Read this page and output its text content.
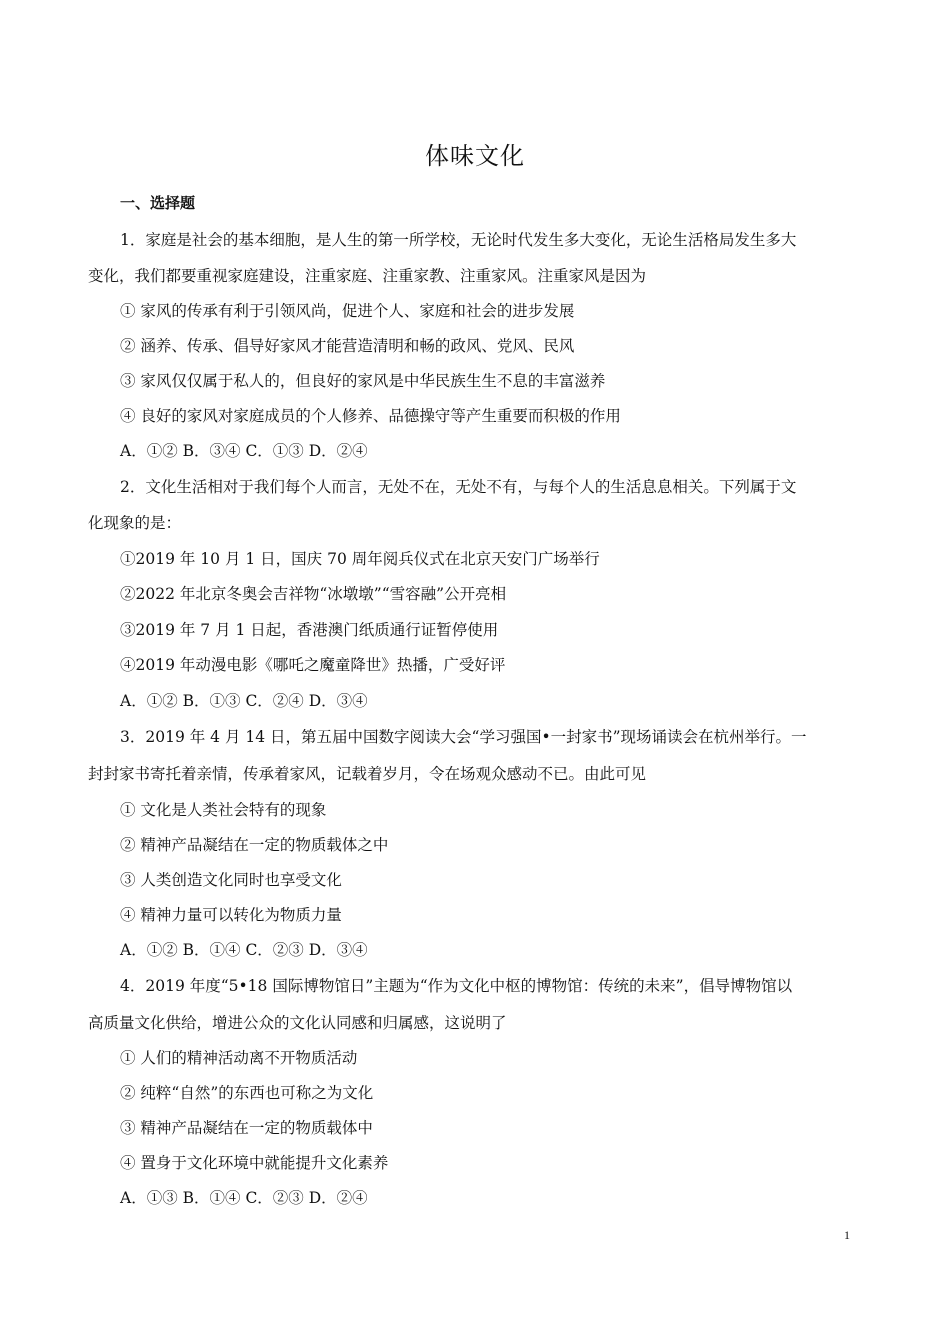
体味文化
一、选择题
1．家庭是社会的基本细胞，是人生的第一所学校，无论时代发生多大变化，无论生活格局发生多大
变化，我们都要重视家庭建设，注重家庭、注重家教、注重家风。注重家风是因为
① 家风的传承有利于引领风尚，促进个人、家庭和社会的进步发展
② 涵养、传承、倡导好家风才能营造清明和畅的政风、党风、民风
③ 家风仅仅属于私人的，但良好的家风是中华民族生生不息的丰富滋养
④ 良好的家风对家庭成员的个人修养、品德操守等产生重要而积极的作用
A．①② B．③④ C．①③ D．②④
2．文化生活相对于我们每个人而言，无处不在，无处不有，与每个人的生活息息相关。下列属于文
化现象的是：
①2019 年 10 月 1 日，国庆 70 周年阅兵仪式在北京天安门广场举行
②2022 年北京冬奥会吉祥物“冰墩墩”“雪容融”公开亮相
③2019 年 7 月 1 日起，香港澳门纸质通行证暂停使用
④2019 年动漫电影《哪吒之魔童降世》热播，广受好评
A．①② B．①③ C．②④ D．③④
3．2019 年 4 月 14 日，第五届中国数字阅读大会“学习强国•一封家书”现场诵读会在杭州举行。一
封封家书寄托着亲情，传承着家风，记载着岁月，令在场观众感动不已。由此可见
① 文化是人类社会特有的现象
② 精神产品凝结在一定的物质载体之中
③ 人类创造文化同时也享受文化
④ 精神力量可以转化为物质力量
A．①② B．①④ C．②③ D．③④
4．2019 年度“5•18 国际博物馆日”主题为“作为文化中枢的博物馆：传统的未来”，倡导博物馆以
高质量文化供给，增进公众的文化认同感和归属感，这说明了
① 人们的精神活动离不开物质活动
② 纯粹“自然”的东西也可称之为文化
③ 精神产品凝结在一定的物质载体中
④ 置身于文化环境中就能提升文化素养
A．①③ B．①④ C．②③ D．②④
1
